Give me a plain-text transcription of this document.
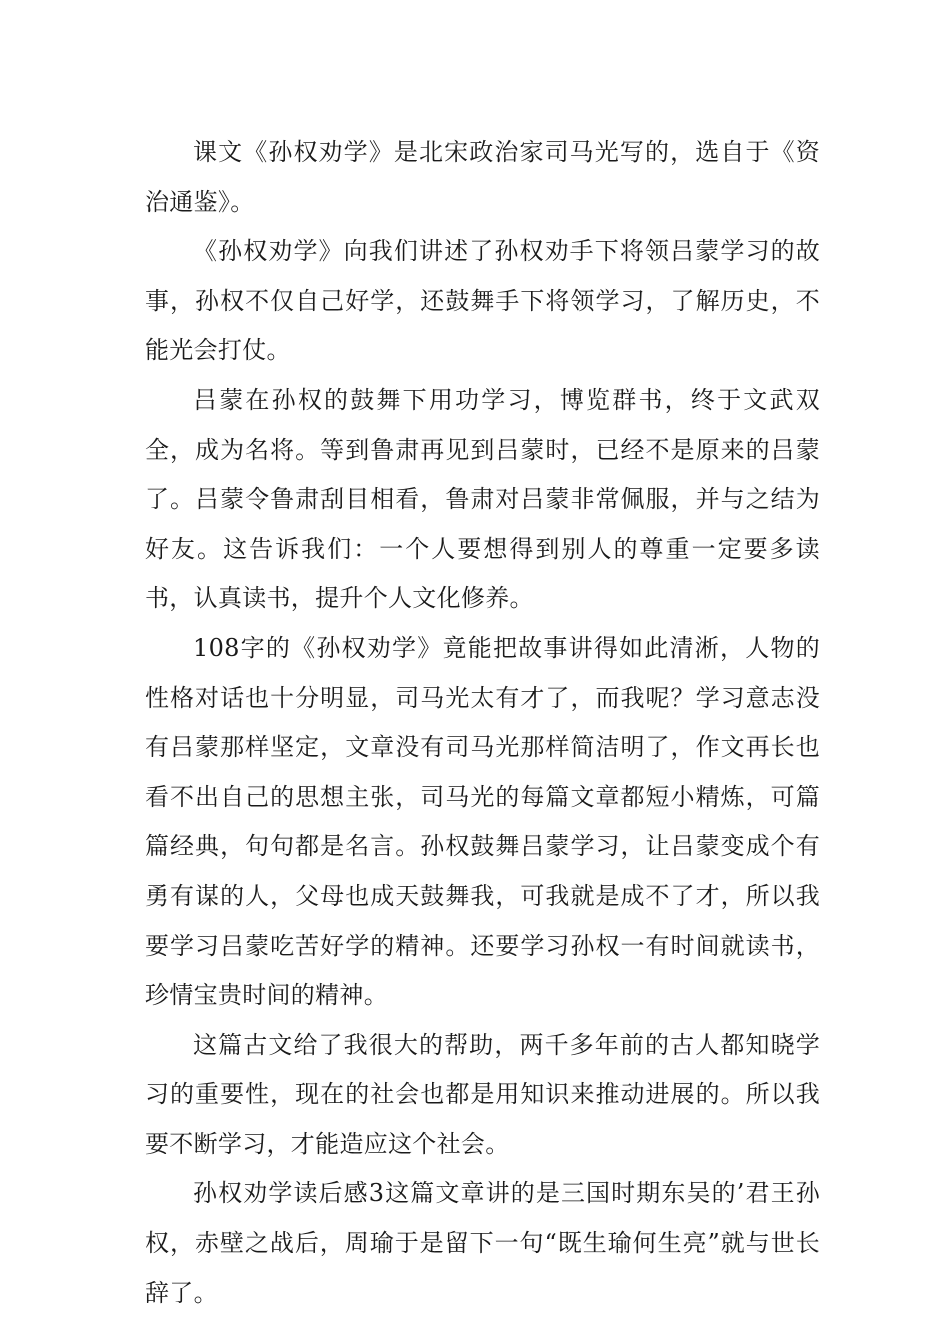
课文《孙权劝学》是北宋政治家司马光写的，选自于《资治通鉴》。

《孙权劝学》向我们讲述了孙权劝手下将领吕蒙学习的故事，孙权不仅自己好学，还鼓舞手下将领学习，了解历史，不能光会打仗。

吕蒙在孙权的鼓舞下用功学习，博览群书，终于文武双全，成为名将。等到鲁肃再见到吕蒙时，已经不是原来的吕蒙了。吕蒙令鲁肃刮目相看，鲁肃对吕蒙非常佩服，并与之结为好友。这告诉我们：一个人要想得到别人的尊重一定要多读书，认真读书，提升个人文化修养。

108字的《孙权劝学》竟能把故事讲得如此清淅，人物的性格对话也十分明显，司马光太有才了，而我呢？学习意志没有吕蒙那样坚定，文章没有司马光那样简洁明了，作文再长也看不出自己的思想主张，司马光的每篇文章都短小精炼，可篇篇经典，句句都是名言。孙权鼓舞吕蒙学习，让吕蒙变成个有勇有谋的人，父母也成天鼓舞我，可我就是成不了才，所以我要学习吕蒙吃苦好学的精神。还要学习孙权一有时间就读书，珍情宝贵时间的精神。

这篇古文给了我很大的帮助，两千多年前的古人都知晓学习的重要性，现在的社会也都是用知识来推动进展的。所以我要不断学习，才能造应这个社会。

孙权劝学读后感3这篇文章讲的是三国时期东吴的’君王孙权，赤壁之战后，周瑜于是留下一句“既生瑜何生亮”就与世长辞了。
